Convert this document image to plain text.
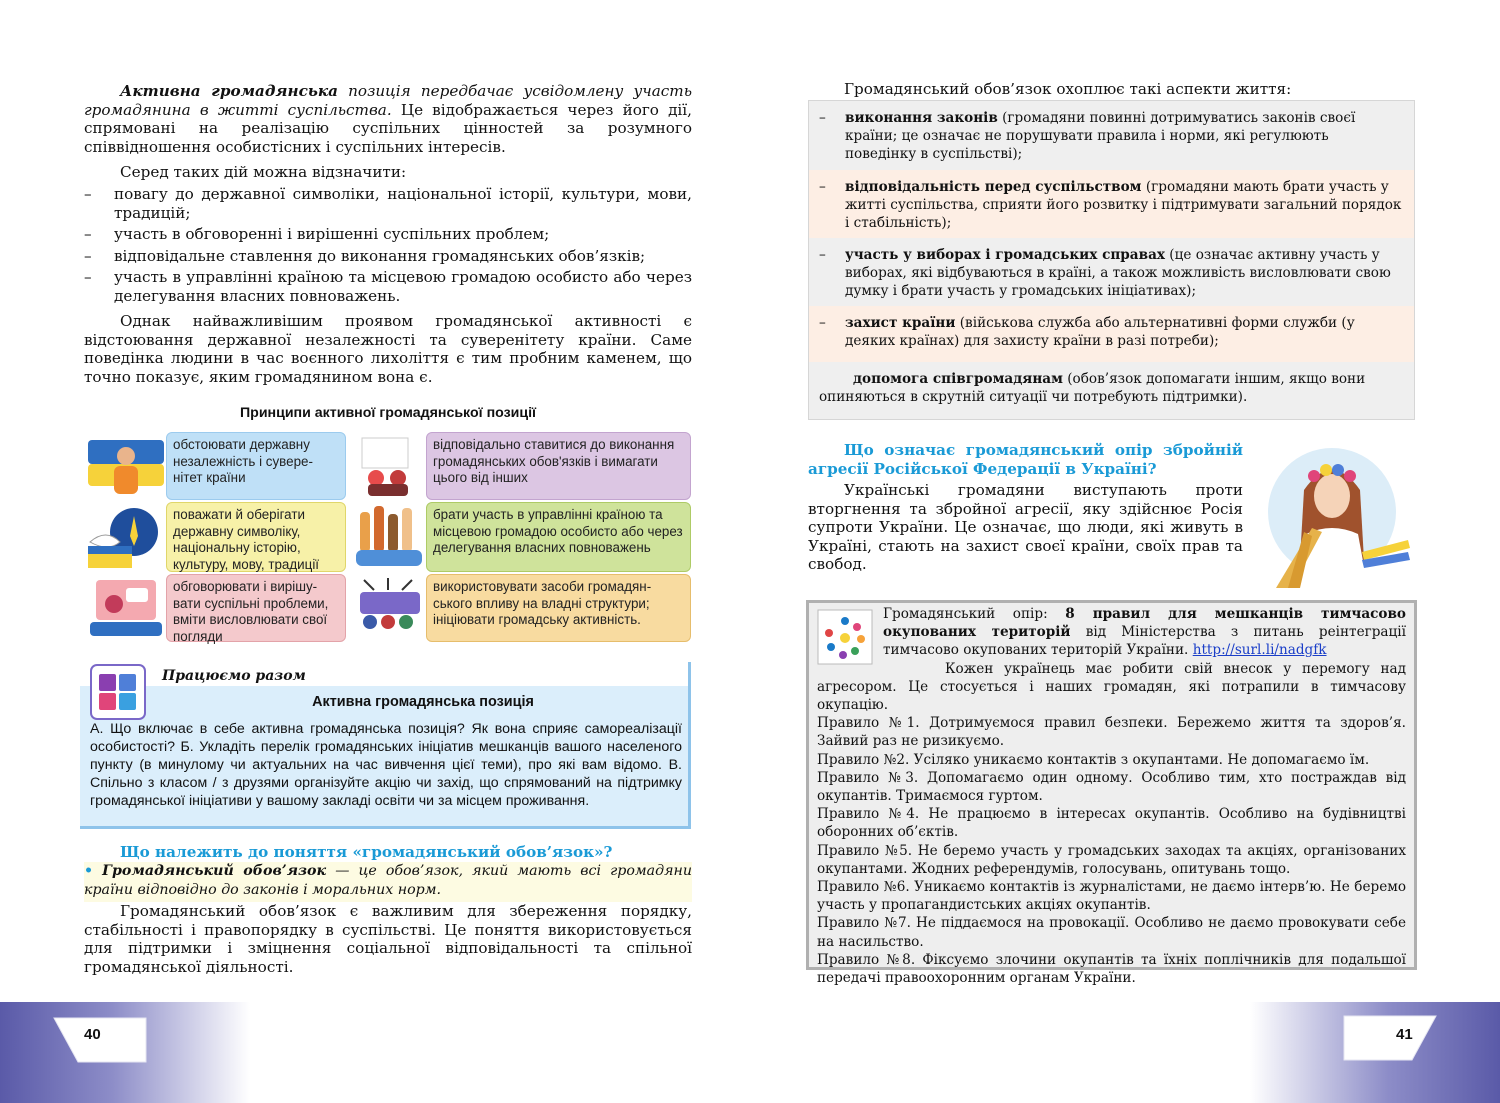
Активна громадянська позиція передбачає усвідомлену участь громадянина в житті суспільства. Це відображається через його дії, спрямовані на реалізацію суспільних цінностей за розумного співвідношення особистісних і суспільних інтересів.

Серед таких дій можна відзначити:

– повагу до державної символіки, національної історії, культури, мови, традицій;
– участь в обговоренні і вирішенні суспільних проблем;
– відповідальне ставлення до виконання громадянських обов’язків;
– участь в управлінні країною та місцевою громадою особисто або через делегування власних повноважень.

Однак найважливішим проявом громадянської активності є відстоювання державної незалежності та суверенітету країни. Саме поведінка людини в час воєнного лихоліття є тим пробним каменем, що точно показує, яким громадянином вона є.

Принципи активної громадянської позиції
обстоювати державну незалежність і сувере-нітет країни
відповідально ставитися до виконання громадянських обов'язків і вимагати цього від інших
поважати й оберігати державну символіку, національну історію, культуру, мову, традиції
брати участь в управлінні країною та місцевою громадою особисто або через делегування власних повноважень
обговорювати і вирішу-вати суспільні проблеми, вміти висловлювати свої погляди
використовувати засоби громадян-ського впливу на владні структури; ініціювати громадську активність.
Працюємо разом
Активна громадянська позиція
А. Що включає в себе активна громадянська позиція? Як вона сприяє самореалізації особистості? Б. Укладіть перелік громадянських ініціатив мешканців вашого населеного пункту (в минулому чи актуальних на час вивчення цієї теми), про які вам відомо. В. Спільно з класом / з друзями організуйте акцію чи захід, що спрямований на підтримку громадянської ініціативи у вашому закладі освіти чи за місцем проживання.
Що належить до поняття «громадянський обов’язок»?

• Громадянський обов’язок — це обов’язок, який мають всі громадяни країни відповідно до законів і моральних норм.

Громадянський обов’язок є важливим для збереження порядку, стабільності і правопорядку в суспільстві. Це поняття використовується для підтримки і зміцнення соціальної відповідальності та спільної громадянської діяльності.

Громадянський обов’язок охоплює такі аспекти життя:

– виконання законів (громадяни повинні дотримуватись законів своєї країни; це означає не порушувати правила і норми, які регулюють поведінку в суспільстві);
– відповідальність перед суспільством (громадяни мають брати участь у житті суспільства, сприяти його розвитку і підтримувати загальний порядок і стабільність);
– участь у виборах і громадських справах (це означає активну участь у виборах, які відбуваються в країні, а також можливість висловлювати свою думку і брати участь у громадських ініціативах);
– захист країни (військова служба або альтернативні форми служби (у деяких країнах) для захисту країни в разі потреби);
допомога співгромадянам (обов’язок допомагати іншим, якщо вони опиняються в скрутній ситуації чи потребують підтримки).

Що означає громадянський опір збройній агресії Російської Федерації в Україні?

Українські громадяни виступають проти вторгнення та збройної агресії, яку здійснює Росія супроти України. Це означає, що люди, які живуть в Україні, стають на захист своєї країни, своїх прав та свобод.

Громадянський опір: 8 правил для мешканців тимчасово окупованих територій від Міністерства з питань реінтеграції тимчасово окупованих територій України. http://surl.li/nadgfk

Кожен українець має робити свій внесок у перемогу над агресором. Це стосується і наших громадян, які потрапили в тимчасову окупацію.

Правило №1. Дотримуємося правил безпеки. Бережемо життя та здоров’я. Зайвий раз не ризикуємо.

Правило №2. Усіляко уникаємо контактів з окупантами. Не допомагаємо їм.

Правило №3. Допомагаємо один одному. Особливо тим, хто постраждав від окупантів. Тримаємося гуртом.

Правило №4. Не працюємо в інтересах окупантів. Особливо на будівництві оборонних об’єктів.

Правило №5. Не беремо участь у громадських заходах та акціях, організованих окупантами. Жодних референдумів, голосувань, опитувань тощо.

Правило №6. Уникаємо контактів із журналістами, не даємо інтерв’ю. Не беремо участь у пропагандистських акціях окупантів.

Правило №7. Не піддаємося на провокації. Особливо не даємо провокувати себе на насильство.

Правило №8. Фіксуємо злочини окупантів та їхніх поплічників для подальшої передачі правоохоронним органам України.

40	41
